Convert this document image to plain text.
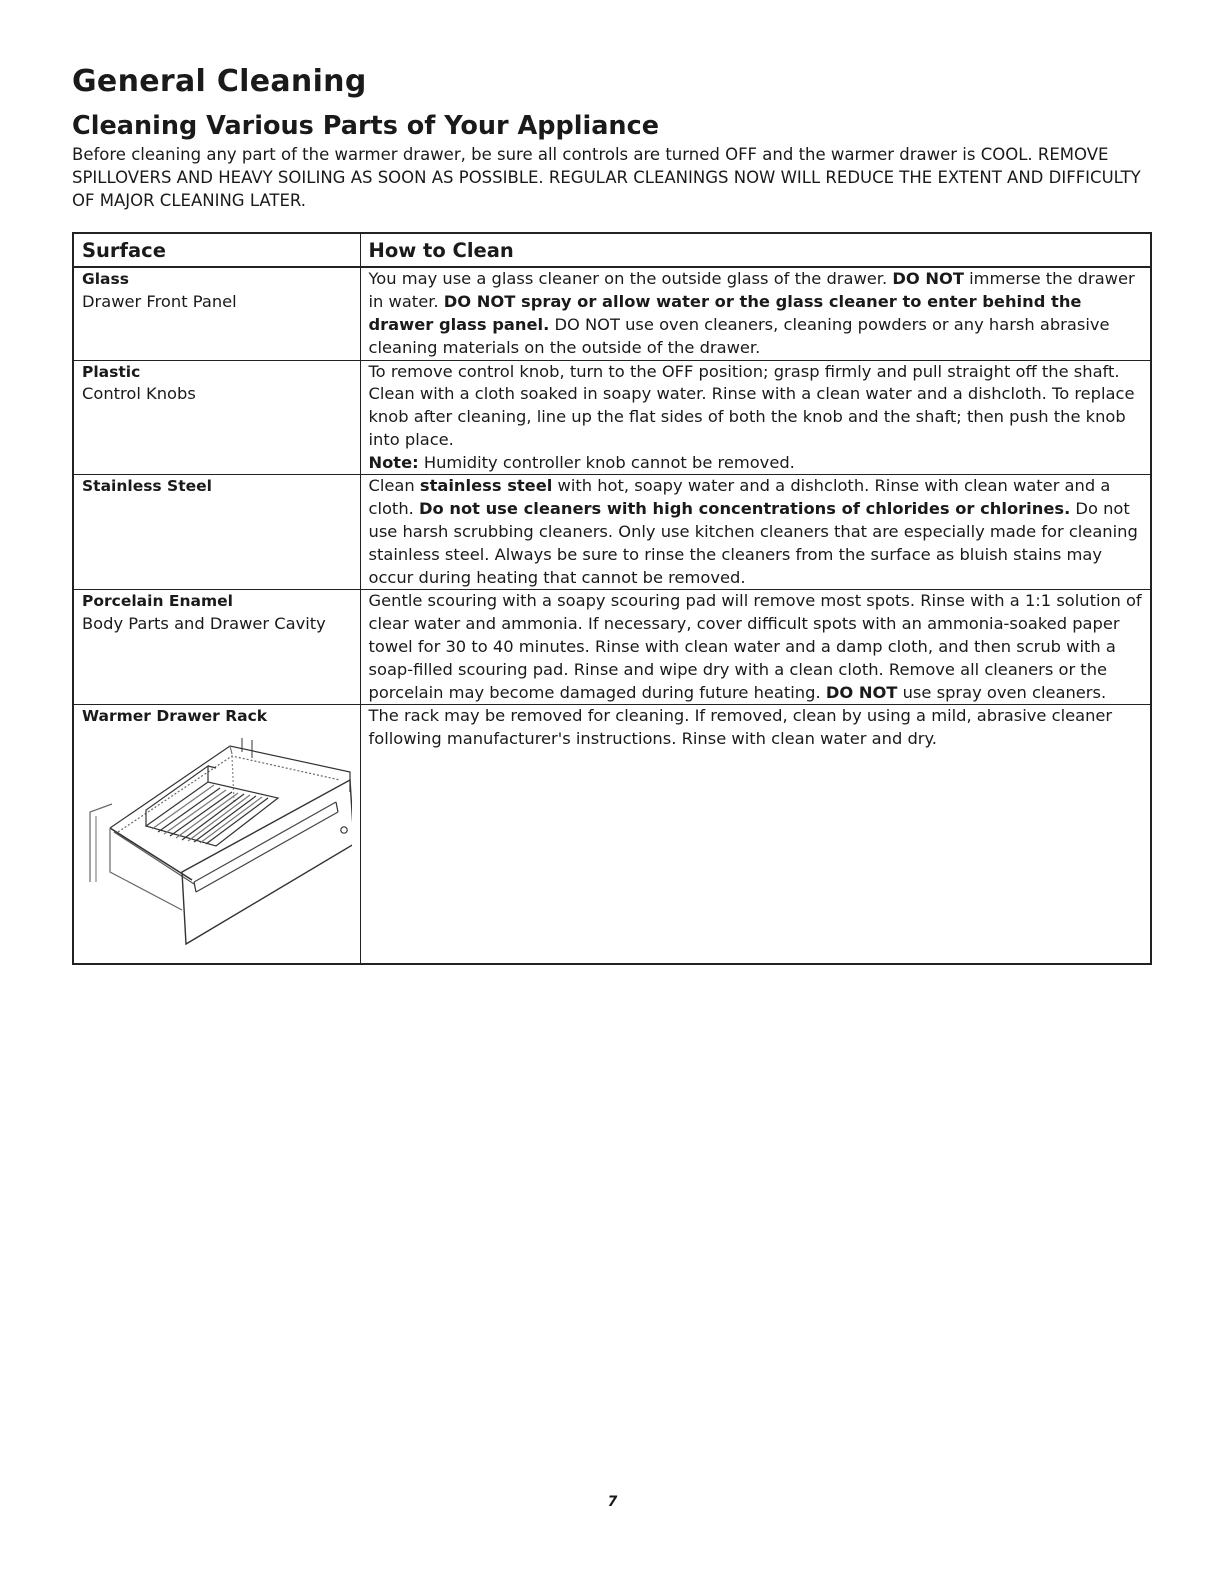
General Cleaning
Cleaning Various Parts of Your Appliance

Before cleaning any part of the warmer drawer, be sure all controls are turned OFF and the warmer drawer is COOL. REMOVE SPILLOVERS AND HEAVY SOILING AS SOON AS POSSIBLE. REGULAR CLEANINGS NOW WILL REDUCE THE EXTENT AND DIFFICULTY OF MAJOR CLEANING LATER.

Surface	How to Clean

Glass
Drawer Front Panel	You may use a glass cleaner on the outside glass of the drawer. DO NOT immerse the drawer in water. DO NOT spray or allow water or the glass cleaner to enter behind the drawer glass panel. DO NOT use oven cleaners, cleaning powders or any harsh abrasive cleaning materials on the outside of the drawer.

Plastic
Control Knobs	To remove control knob, turn to the OFF position; grasp firmly and pull straight off the shaft. Clean with a cloth soaked in soapy water. Rinse with a clean water and a dishcloth. To replace knob after cleaning, line up the flat sides of both the knob and the shaft; then push the knob into place.
Note: Humidity controller knob cannot be removed.

Stainless Steel	Clean stainless steel with hot, soapy water and a dishcloth. Rinse with clean water and a cloth. Do not use cleaners with high concentrations of chlorides or chlorines. Do not use harsh scrubbing cleaners. Only use kitchen cleaners that are especially made for cleaning stainless steel. Always be sure to rinse the cleaners from the surface as bluish stains may occur during heating that cannot be removed.

Porcelain Enamel
Body Parts and Drawer Cavity	Gentle scouring with a soapy scouring pad will remove most spots. Rinse with a 1:1 solution of clear water and ammonia. If necessary, cover difficult spots with an ammonia-soaked paper towel for 30 to 40 minutes. Rinse with clean water and a damp cloth, and then scrub with a soap-filled scouring pad. Rinse and wipe dry with a clean cloth. Remove all cleaners or the porcelain may become damaged during future heating. DO NOT use spray oven cleaners.

Warmer Drawer Rack	The rack may be removed for cleaning. If removed, clean by using a mild, abrasive cleaner following manufacturer's instructions. Rinse with clean water and dry.
7
